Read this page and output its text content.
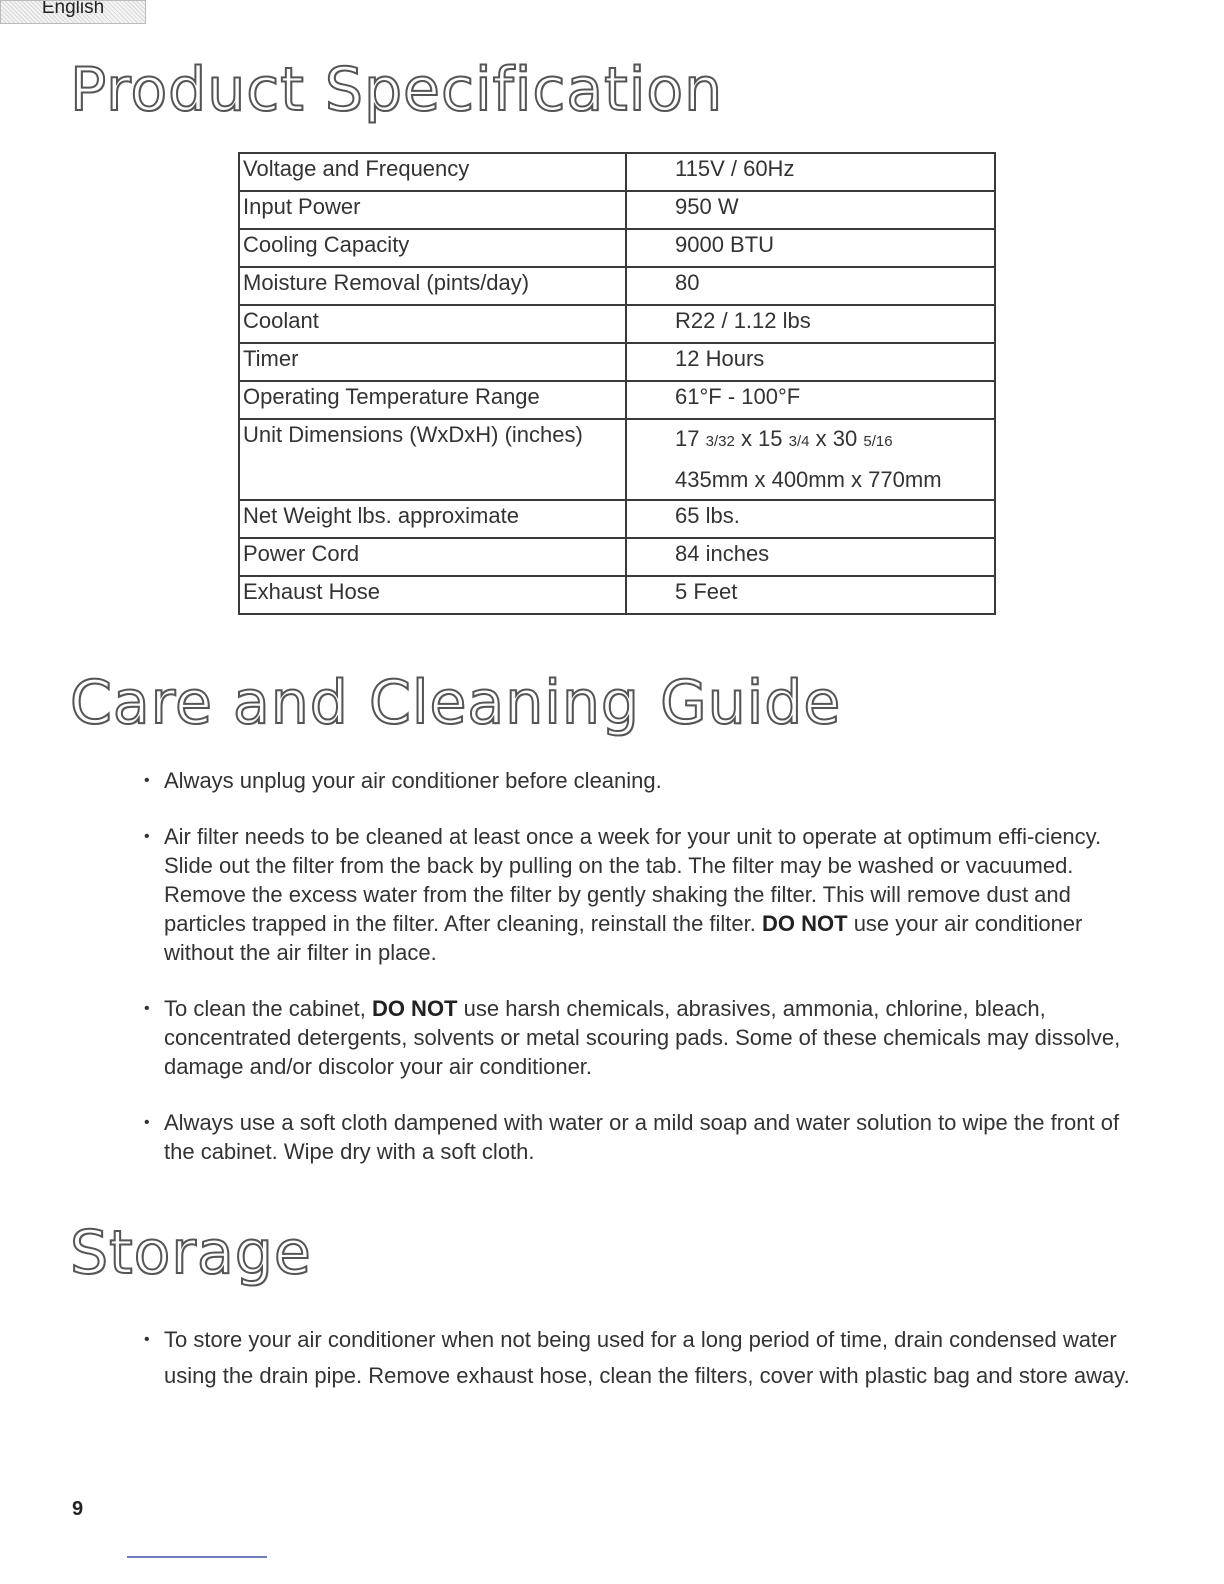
English
Product Specification
Voltage and Frequency	115V / 60Hz
Input Power	950 W
Cooling Capacity	9000 BTU
Moisture Removal (pints/day)	80
Coolant	R22 / 1.12 lbs
Timer	12 Hours
Operating Temperature Range	61°F - 100°F
Unit Dimensions (WxDxH) (inches)	17 3/32 x 15 3/4 x 30 5/16
435mm x 400mm x 770mm

Net Weight lbs. approximate	65 lbs.
Power Cord	84 inches
Exhaust Hose	5 Feet
Care and Cleaning Guide
• Always unplug your air conditioner before cleaning.
• Air filter needs to be cleaned at least once a week for your unit to operate at optimum effi-ciency. Slide out the filter from the back by pulling on the tab. The filter may be washed or vacuumed. Remove the excess water from the filter by gently shaking the filter. This will remove dust and particles trapped in the filter. After cleaning, reinstall the filter. DO NOT use your air conditioner without the air filter in place.
• To clean the cabinet, DO NOT use harsh chemicals, abrasives, ammonia, chlorine, bleach, concentrated detergents, solvents or metal scouring pads. Some of these chemicals may dissolve, damage and/or discolor your air conditioner.
• Always use a soft cloth dampened with water or a mild soap and water solution to wipe the front of the cabinet. Wipe dry with a soft cloth.
Storage
• To store your air conditioner when not being used for a long period of time, drain condensed water using the drain pipe. Remove exhaust hose, clean the filters, cover with plastic bag and store away.
9
